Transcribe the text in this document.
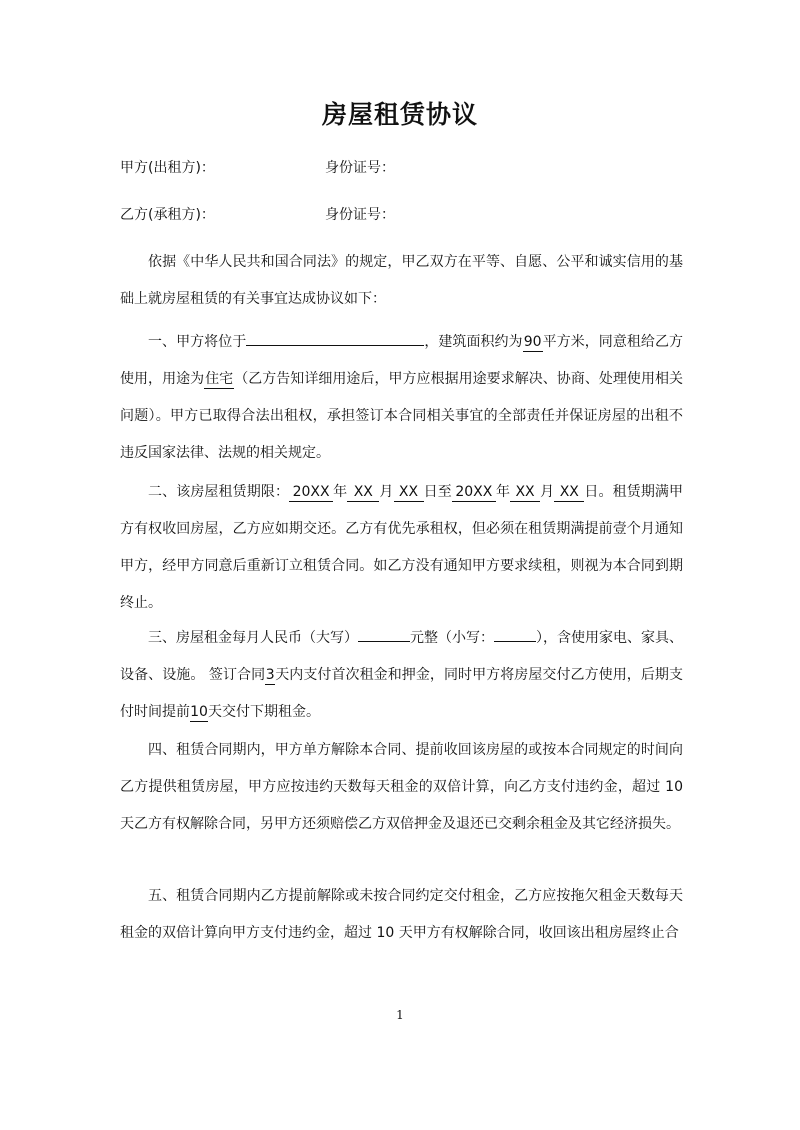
房屋租赁协议
甲方(出租方)：	身份证号：
乙方(承租方)：	身份证号：
依据《中华人民共和国合同法》的规定，甲乙双方在平等、自愿、公平和诚实信用的基础上就房屋租赁的有关事宜达成协议如下：
一、甲方将位于	，建筑面积约为90平方米，同意租给乙方使用，用途为住宅（乙方告知详细用途后，甲方应根据用途要求解决、协商、处理使用相关问题）。甲方已取得合法出租权，承担签订本合同相关事宜的全部责任并保证房屋的出租不违反国家法律、法规的相关规定。
二、该房屋租赁期限： 20XX 年 XX 月 XX 日至 20XX 年 XX 月 XX 日。租赁期满甲方有权收回房屋，乙方应如期交还。乙方有优先承租权，但必须在租赁期满提前壹个月通知甲方，经甲方同意后重新订立租赁合同。如乙方没有通知甲方要求续租，则视为本合同到期终止。
三、房屋租金每月人民币（大写）	元整（小写：	），含使用家电、家具、设备、设施。 签订合同3天内支付首次租金和押金，同时甲方将房屋交付乙方使用，后期支付时间提前10天交付下期租金。
四、租赁合同期内，甲方单方解除本合同、提前收回该房屋的或按本合同规定的时间向乙方提供租赁房屋，甲方应按违约天数每天租金的双倍计算，向乙方支付违约金，超过 10 天乙方有权解除合同，另甲方还须赔偿乙方双倍押金及退还已交剩余租金及其它经济损失。
五、租赁合同期内乙方提前解除或未按合同约定交付租金，乙方应按拖欠租金天数每天租金的双倍计算向甲方支付违约金，超过 10 天甲方有权解除合同，收回该出租房屋终止合
1
